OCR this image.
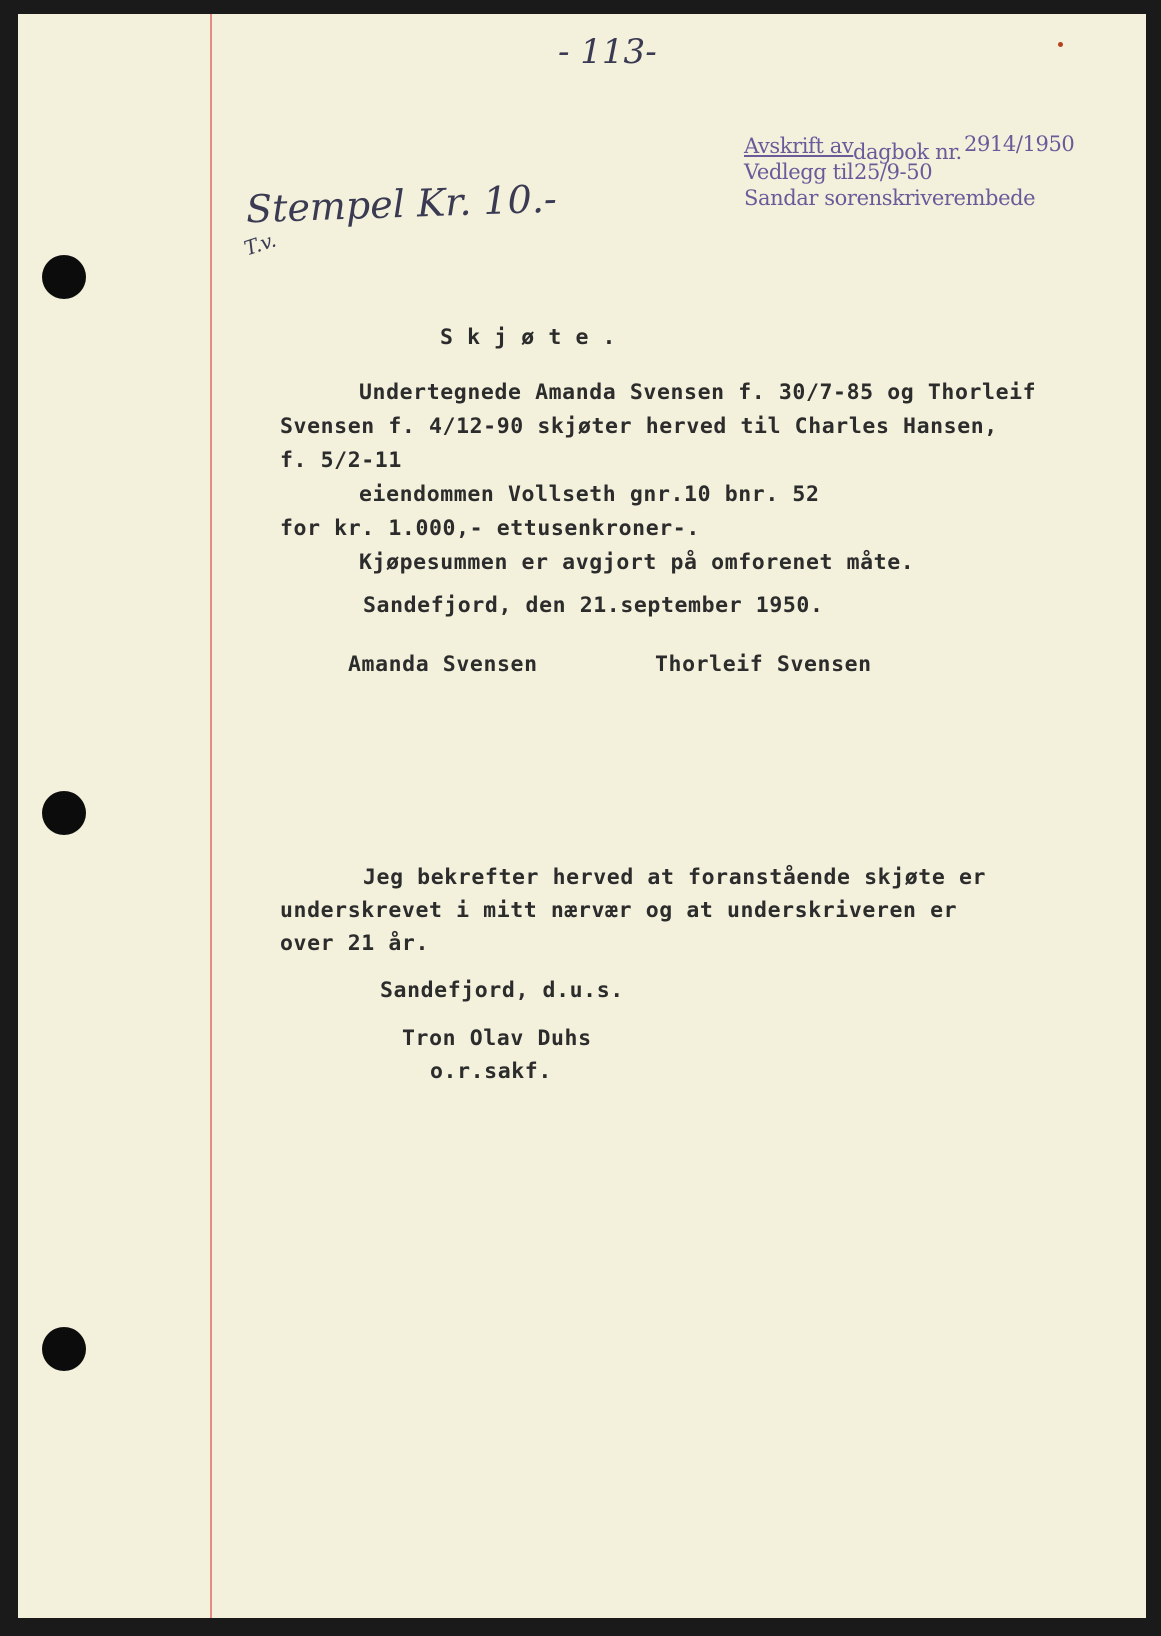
- 113-
Stempel Kr. 10.-
T.v.
Avskrift av dagbok nr. 2914/1950
Vedlegg til 25/9-50
Sandar sorenskriverembede
S k j ø t e .
Undertegnede Amanda Svensen f. 30/7-85 og Thorleif
Svensen f. 4/12-90 skjøter herved til Charles Hansen,
f. 5/2-11
eiendommen Vollseth gnr.10 bnr. 52
for kr. 1.000,- ettusenkroner-.
Kjøpesummen er avgjort på omforenet måte.
Sandefjord, den 21.september 1950.
Amanda Svensen	Thorleif Svensen
Jeg bekrefter herved at foranstående skjøte er
underskrevet i mitt nærvær og at underskriveren er
over 21 år.
Sandefjord, d.u.s.
Tron Olav Duhs
o.r.sakf.
